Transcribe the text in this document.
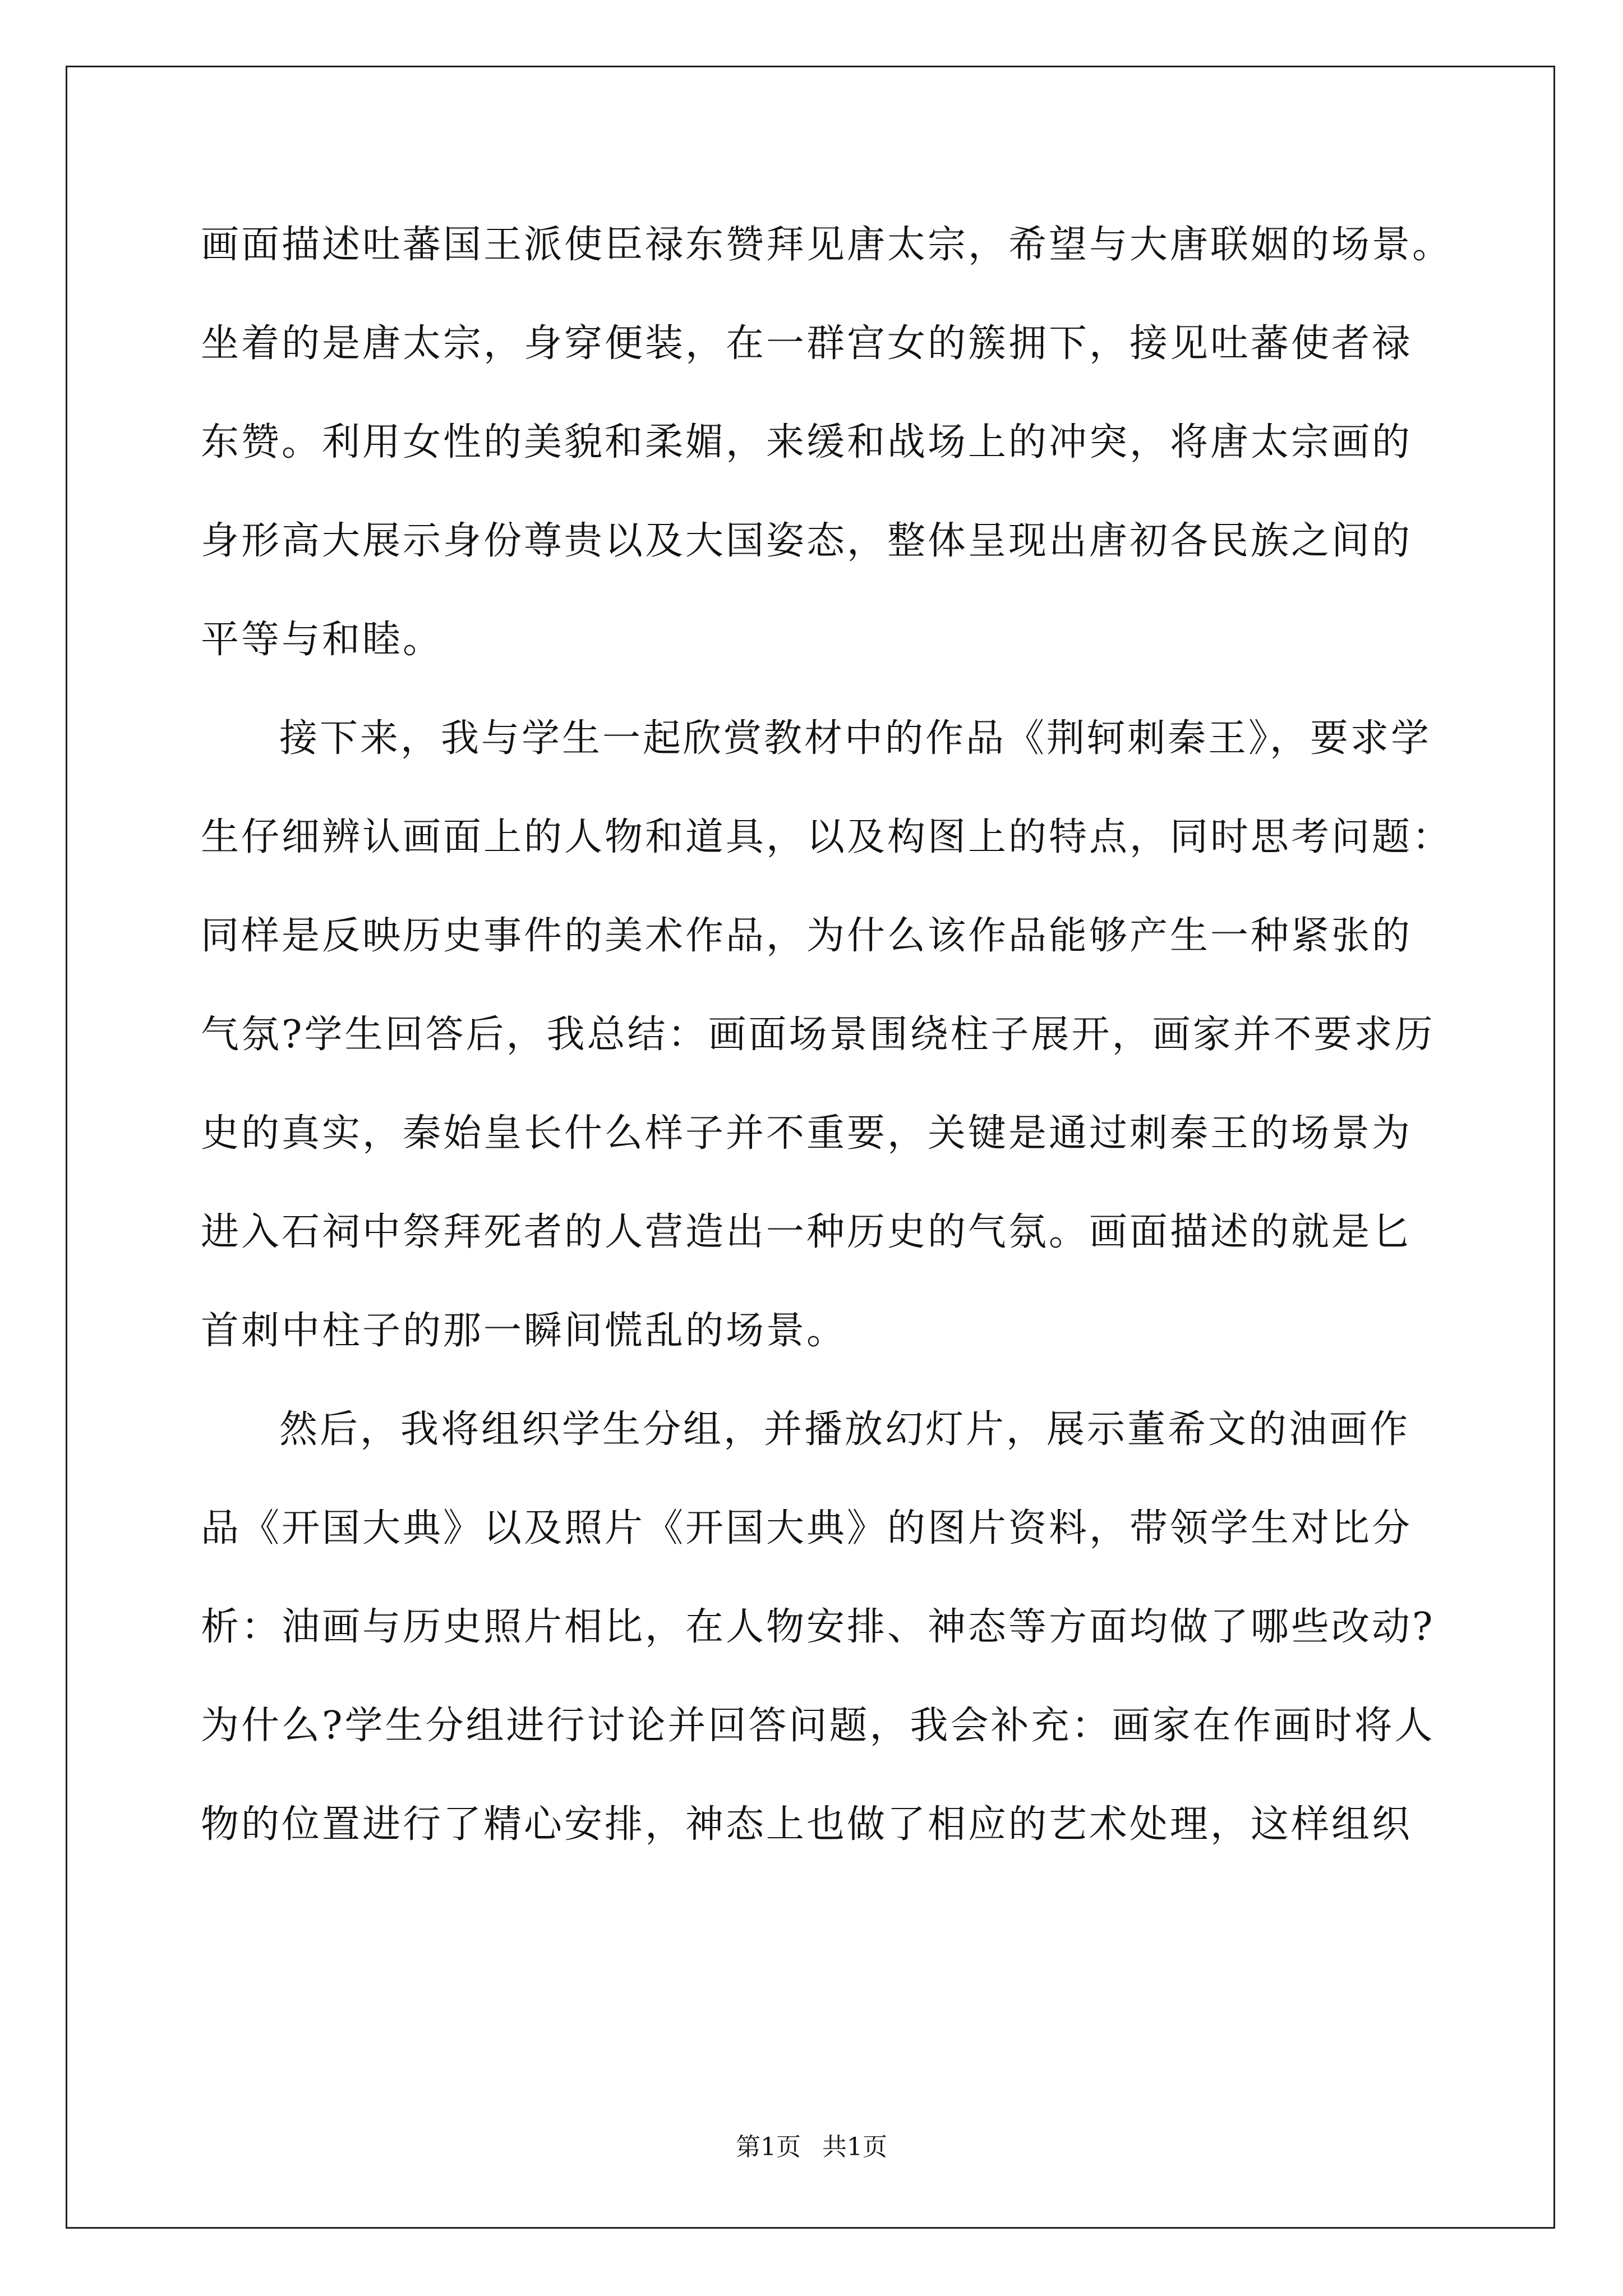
画面描述吐蕃国王派使臣禄东赞拜见唐太宗，希望与大唐联姻的场景。
坐着的是唐太宗，身穿便装，在一群宫女的簇拥下，接见吐蕃使者禄
东赞。利用女性的美貌和柔媚，来缓和战场上的冲突，将唐太宗画的
身形高大展示身份尊贵以及大国姿态，整体呈现出唐初各民族之间的
平等与和睦。
接下来，我与学生一起欣赏教材中的作品《荆轲刺秦王》，要求学
生仔细辨认画面上的人物和道具，以及构图上的特点，同时思考问题：
同样是反映历史事件的美术作品，为什么该作品能够产生一种紧张的
气氛?学生回答后，我总结：画面场景围绕柱子展开，画家并不要求历
史的真实，秦始皇长什么样子并不重要，关键是通过刺秦王的场景为
进入石祠中祭拜死者的人营造出一种历史的气氛。画面描述的就是匕
首刺中柱子的那一瞬间慌乱的场景。
然后，我将组织学生分组，并播放幻灯片，展示董希文的油画作
品《开国大典》以及照片《开国大典》的图片资料，带领学生对比分
析：油画与历史照片相比，在人物安排、神态等方面均做了哪些改动?
为什么?学生分组进行讨论并回答问题，我会补充：画家在作画时将人
物的位置进行了精心安排，神态上也做了相应的艺术处理，这样组织
第1页 共1页
